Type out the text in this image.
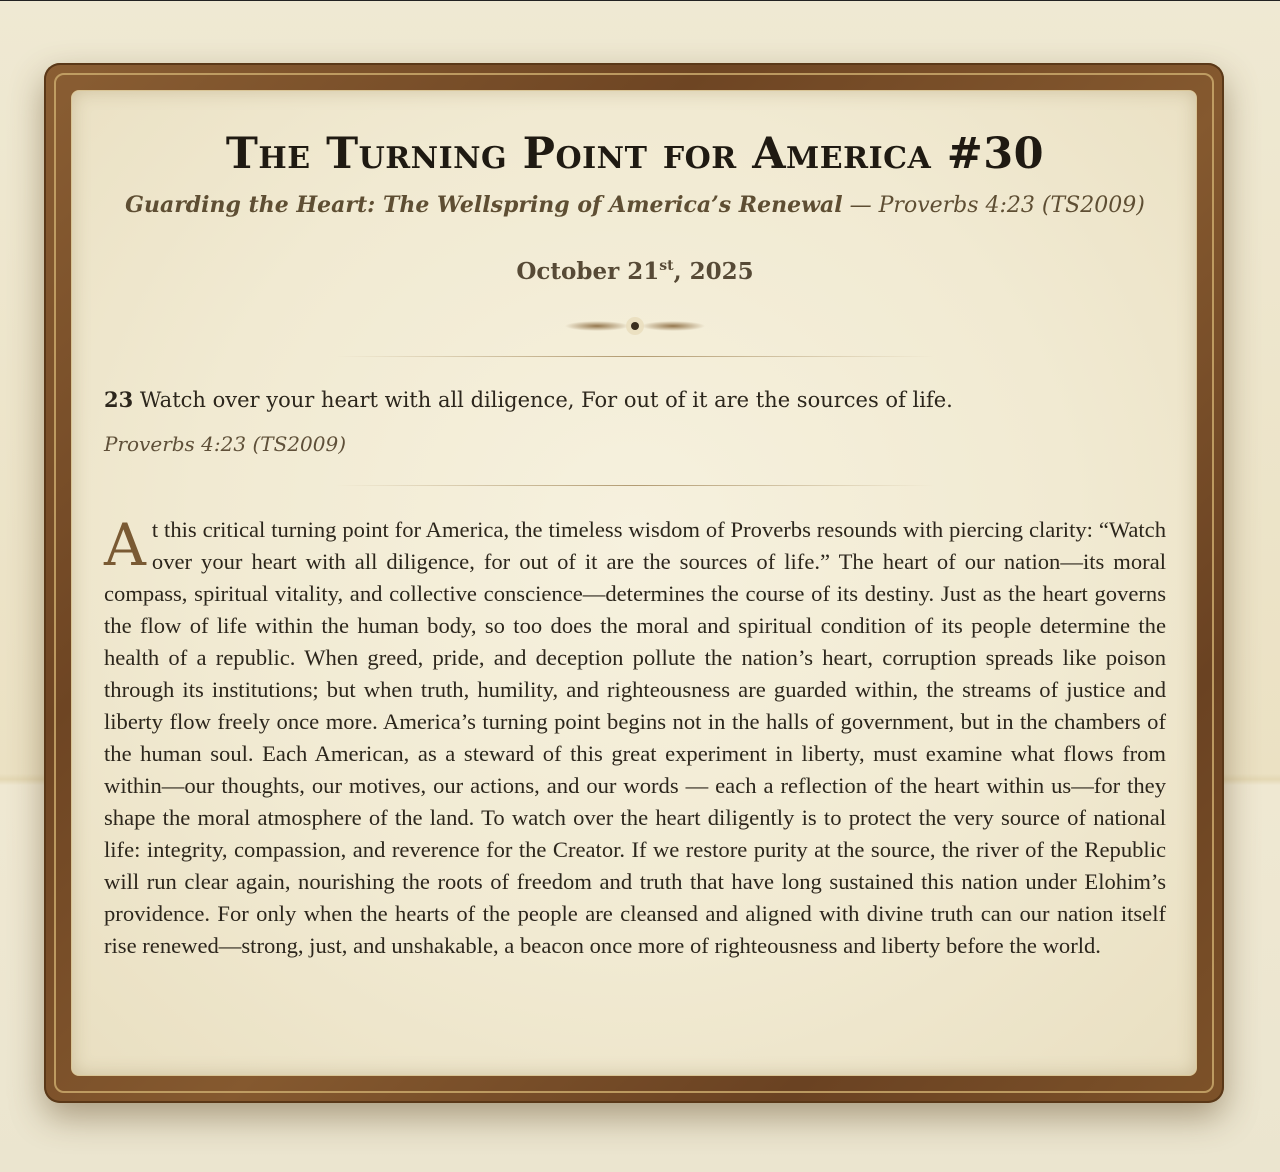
The Turning Point for America #30
Guarding the Heart: The Wellspring of America’s Renewal — Proverbs 4:23 (TS2009)
October 21st, 2025
23 Watch over your heart with all diligence, For out of it are the sources of life.
Proverbs 4:23 (TS2009)

At this critical turning point for America, the timeless wisdom of Proverbs resounds with piercing clarity: “Watch over your heart with all diligence, for out of it are the sources of life.” The heart of our nation—its moral compass, spiritual vitality, and collective conscience—determines the course of its destiny. Just as the heart governs the flow of life within the human body, so too does the moral and spiritual condition of its people determine the health of a republic. When greed, pride, and deception pollute the nation’s heart, corruption spreads like poison through its institutions; but when truth, humility, and righteousness are guarded within, the streams of justice and liberty flow freely once more. America’s turning point begins not in the halls of government, but in the chambers of the human soul. Each American, as a steward of this great experiment in liberty, must examine what flows from within—our thoughts, our motives, our actions, and our words — each a reflection of the heart within us—for they shape the moral atmosphere of the land. To watch over the heart diligently is to protect the very source of national life: integrity, compassion, and reverence for the Creator. If we restore purity at the source, the river of the Republic will run clear again, nourishing the roots of freedom and truth that have long sustained this nation under Elohim’s providence. For only when the hearts of the people are cleansed and aligned with divine truth can our nation itself rise renewed—strong, just, and unshakable, a beacon once more of righteousness and liberty before the world.
